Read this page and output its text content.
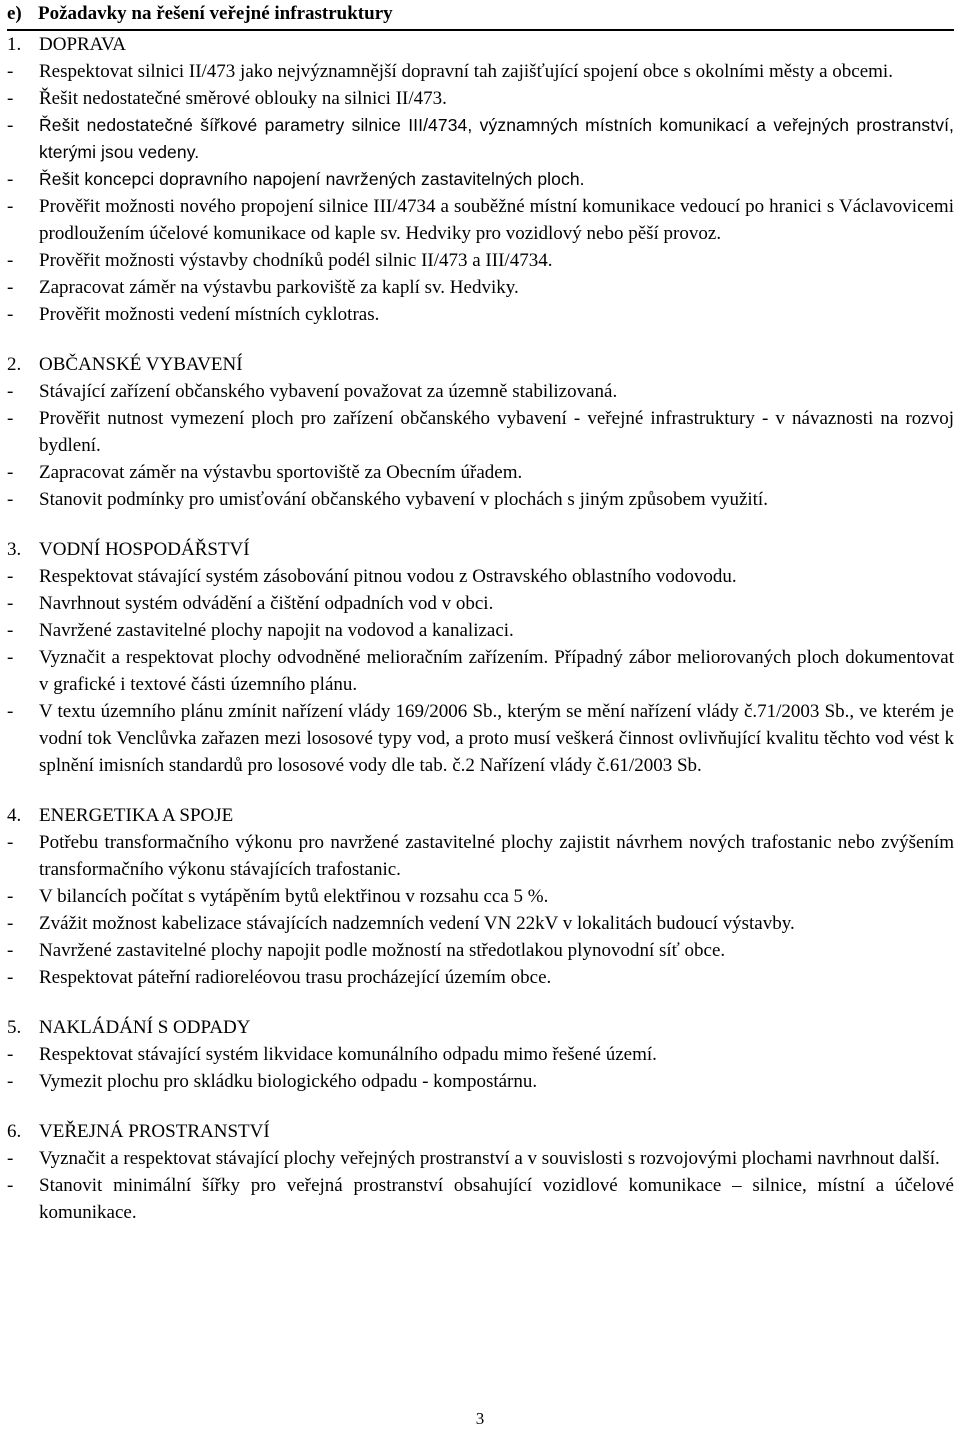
e) Požadavky na řešení veřejné infrastruktury
1. DOPRAVA
-	Respektovat silnici II/473 jako nejvýznamnější dopravní tah zajišťující spojení obce s okolními městy a obcemi.
-	Řešit nedostatečné směrové oblouky na silnici II/473.
-	Řešit nedostatečné šířkové parametry silnice III/4734, významných místních komunikací a veřejných prostranství, kterými jsou vedeny.
-	Řešit koncepci dopravního napojení navržených zastavitelných ploch.
-	Prověřit možnosti nového propojení silnice III/4734 a souběžné místní komunikace vedoucí po hranici s Václavovicemi prodloužením účelové komunikace od kaple sv. Hedviky pro vozidlový nebo pěší provoz.
-	Prověřit možnosti výstavby chodníků podél silnic II/473 a III/4734.
-	Zapracovat záměr na výstavbu parkoviště za kaplí sv. Hedviky.
-	Prověřit možnosti vedení místních cyklotras.
2. OBČANSKÉ VYBAVENÍ
-	Stávající zařízení občanského vybavení považovat za územně stabilizovaná.
-	Prověřit nutnost vymezení ploch pro zařízení občanského vybavení - veřejné infrastruktury - v návaznosti na rozvoj bydlení.
-	Zapracovat záměr na výstavbu sportoviště za Obecním úřadem.
-	Stanovit podmínky pro umisťování občanského vybavení v plochách s jiným způsobem využití.
3. VODNÍ HOSPODÁŘSTVÍ
-	Respektovat stávající systém zásobování pitnou vodou z Ostravského oblastního vodovodu.
-	Navrhnout systém odvádění a čištění odpadních vod v obci.
-	Navržené zastavitelné plochy napojit na vodovod a kanalizaci.
-	Vyznačit a respektovat plochy odvodněné melioračním zařízením. Případný zábor meliorovaných ploch dokumentovat v grafické i textové části územního plánu.
-	V textu územního plánu zmínit nařízení vlády 169/2006 Sb., kterým se mění nařízení vlády č.71/2003 Sb., ve kterém je vodní tok Venclůvka zařazen mezi lososové typy vod, a proto musí veškerá činnost ovlivňující kvalitu těchto vod vést k splnění imisních standardů pro lososové vody dle tab. č.2 Nařízení vlády č.61/2003 Sb.
4. ENERGETIKA A SPOJE
-	Potřebu transformačního výkonu pro navržené zastavitelné plochy zajistit návrhem nových trafostanic nebo zvýšením transformačního výkonu stávajících trafostanic.
-	V bilancích počítat s vytápěním bytů elektřinou v rozsahu cca 5 %.
-	Zvážit možnost kabelizace stávajících nadzemních vedení VN 22kV v lokalitách budoucí výstavby.
-	Navržené zastavitelné plochy napojit podle možností na středotlakou plynovodní síť obce.
-	Respektovat páteřní radioreléovou trasu procházející územím obce.
5. NAKLÁDÁNÍ S ODPADY
-	Respektovat stávající systém likvidace komunálního odpadu mimo řešené území.
-	Vymezit plochu pro skládku biologického odpadu - kompostárnu.
6. VEŘEJNÁ PROSTRANSTVÍ
-	Vyznačit a respektovat stávající plochy veřejných prostranství a v souvislosti s rozvojovými plochami navrhnout další.
-	Stanovit minimální šířky pro veřejná prostranství obsahující vozidlové komunikace – silnice, místní a účelové komunikace.
3
